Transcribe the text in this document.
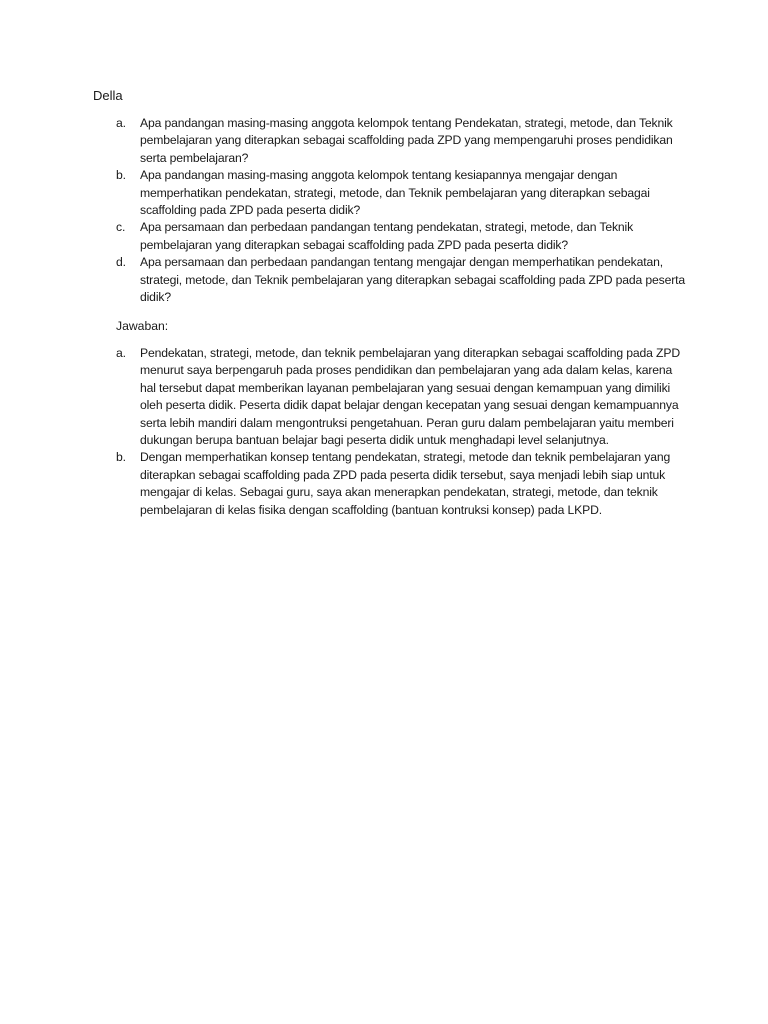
Della
a.	Apa pandangan masing-masing anggota kelompok tentang Pendekatan, strategi, metode, dan Teknik pembelajaran yang diterapkan sebagai scaffolding pada ZPD yang mempengaruhi proses pendidikan serta pembelajaran?
b.	Apa pandangan masing-masing anggota kelompok tentang kesiapannya mengajar dengan memperhatikan pendekatan, strategi, metode, dan Teknik pembelajaran yang diterapkan sebagai scaffolding pada ZPD pada peserta didik?
c.	Apa persamaan dan perbedaan pandangan tentang pendekatan, strategi, metode, dan Teknik pembelajaran yang diterapkan sebagai scaffolding pada ZPD pada peserta didik?
d.	Apa persamaan dan perbedaan pandangan tentang mengajar dengan memperhatikan pendekatan, strategi, metode, dan Teknik pembelajaran yang diterapkan sebagai scaffolding pada ZPD pada peserta didik?
Jawaban:
a.	Pendekatan, strategi, metode, dan teknik pembelajaran yang diterapkan sebagai scaffolding pada ZPD menurut saya berpengaruh pada proses pendidikan dan pembelajaran yang ada dalam kelas, karena hal tersebut dapat memberikan layanan pembelajaran yang sesuai dengan kemampuan yang dimiliki oleh peserta didik. Peserta didik dapat belajar dengan kecepatan yang sesuai dengan kemampuannya serta lebih mandiri dalam mengontruksi pengetahuan. Peran guru dalam pembelajaran yaitu memberi dukungan berupa bantuan belajar bagi peserta didik untuk menghadapi level selanjutnya.
b.	Dengan memperhatikan konsep tentang pendekatan, strategi, metode dan teknik pembelajaran yang diterapkan sebagai scaffolding pada ZPD pada peserta didik tersebut, saya menjadi lebih siap untuk mengajar di kelas. Sebagai guru, saya akan menerapkan pendekatan, strategi, metode, dan teknik pembelajaran di kelas fisika dengan scaffolding (bantuan kontruksi konsep) pada LKPD.
